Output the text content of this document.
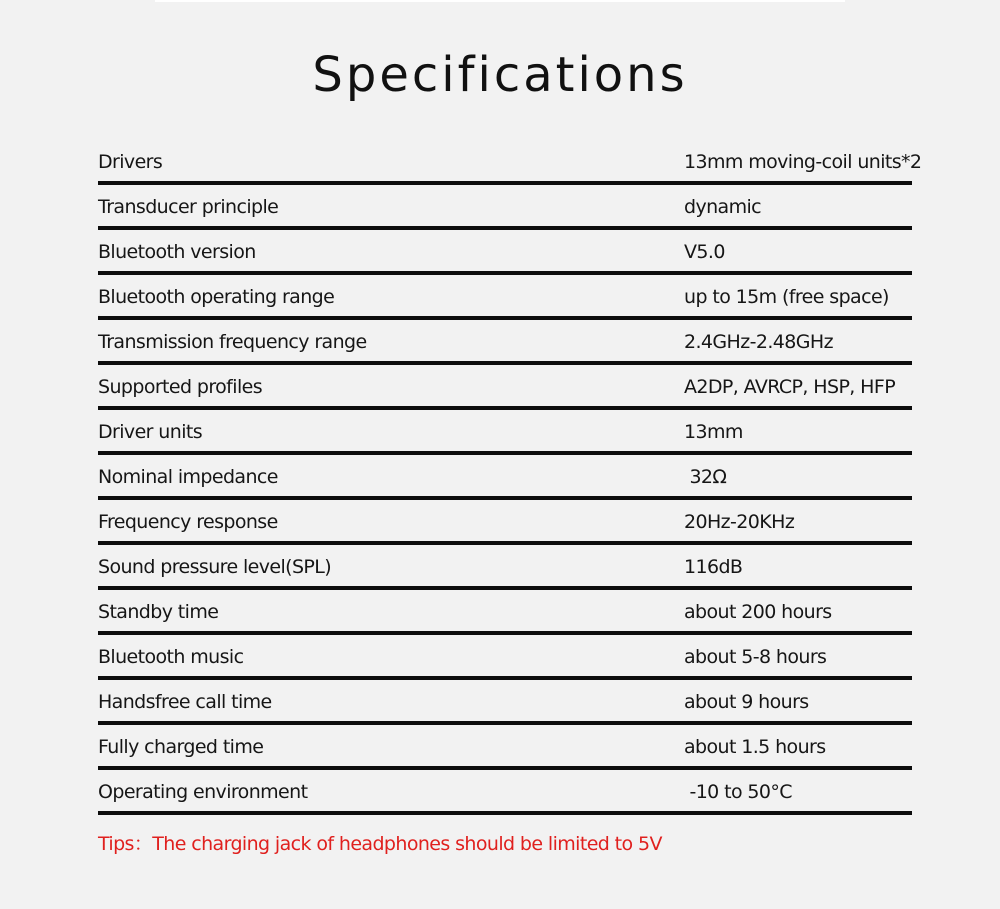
Specifications
Drivers	13mm moving-coil units*2
Transducer principle	dynamic
Bluetooth version	V5.0
Bluetooth operating range	up to 15m (free space)
Transmission frequency range	2.4GHz-2.48GHz
Supported profiles	A2DP, AVRCP, HSP, HFP
Driver units	13mm
Nominal impedance	32Ω
Frequency response	20Hz-20KHz
Sound pressure level(SPL)	116dB
Standby time	about 200 hours
Bluetooth music	about 5-8 hours
Handsfree call time	about 9 hours
Fully charged time	about 1.5 hours
Operating environment	-10 to 50°C
Tips：The charging jack of headphones should be limited to 5V
